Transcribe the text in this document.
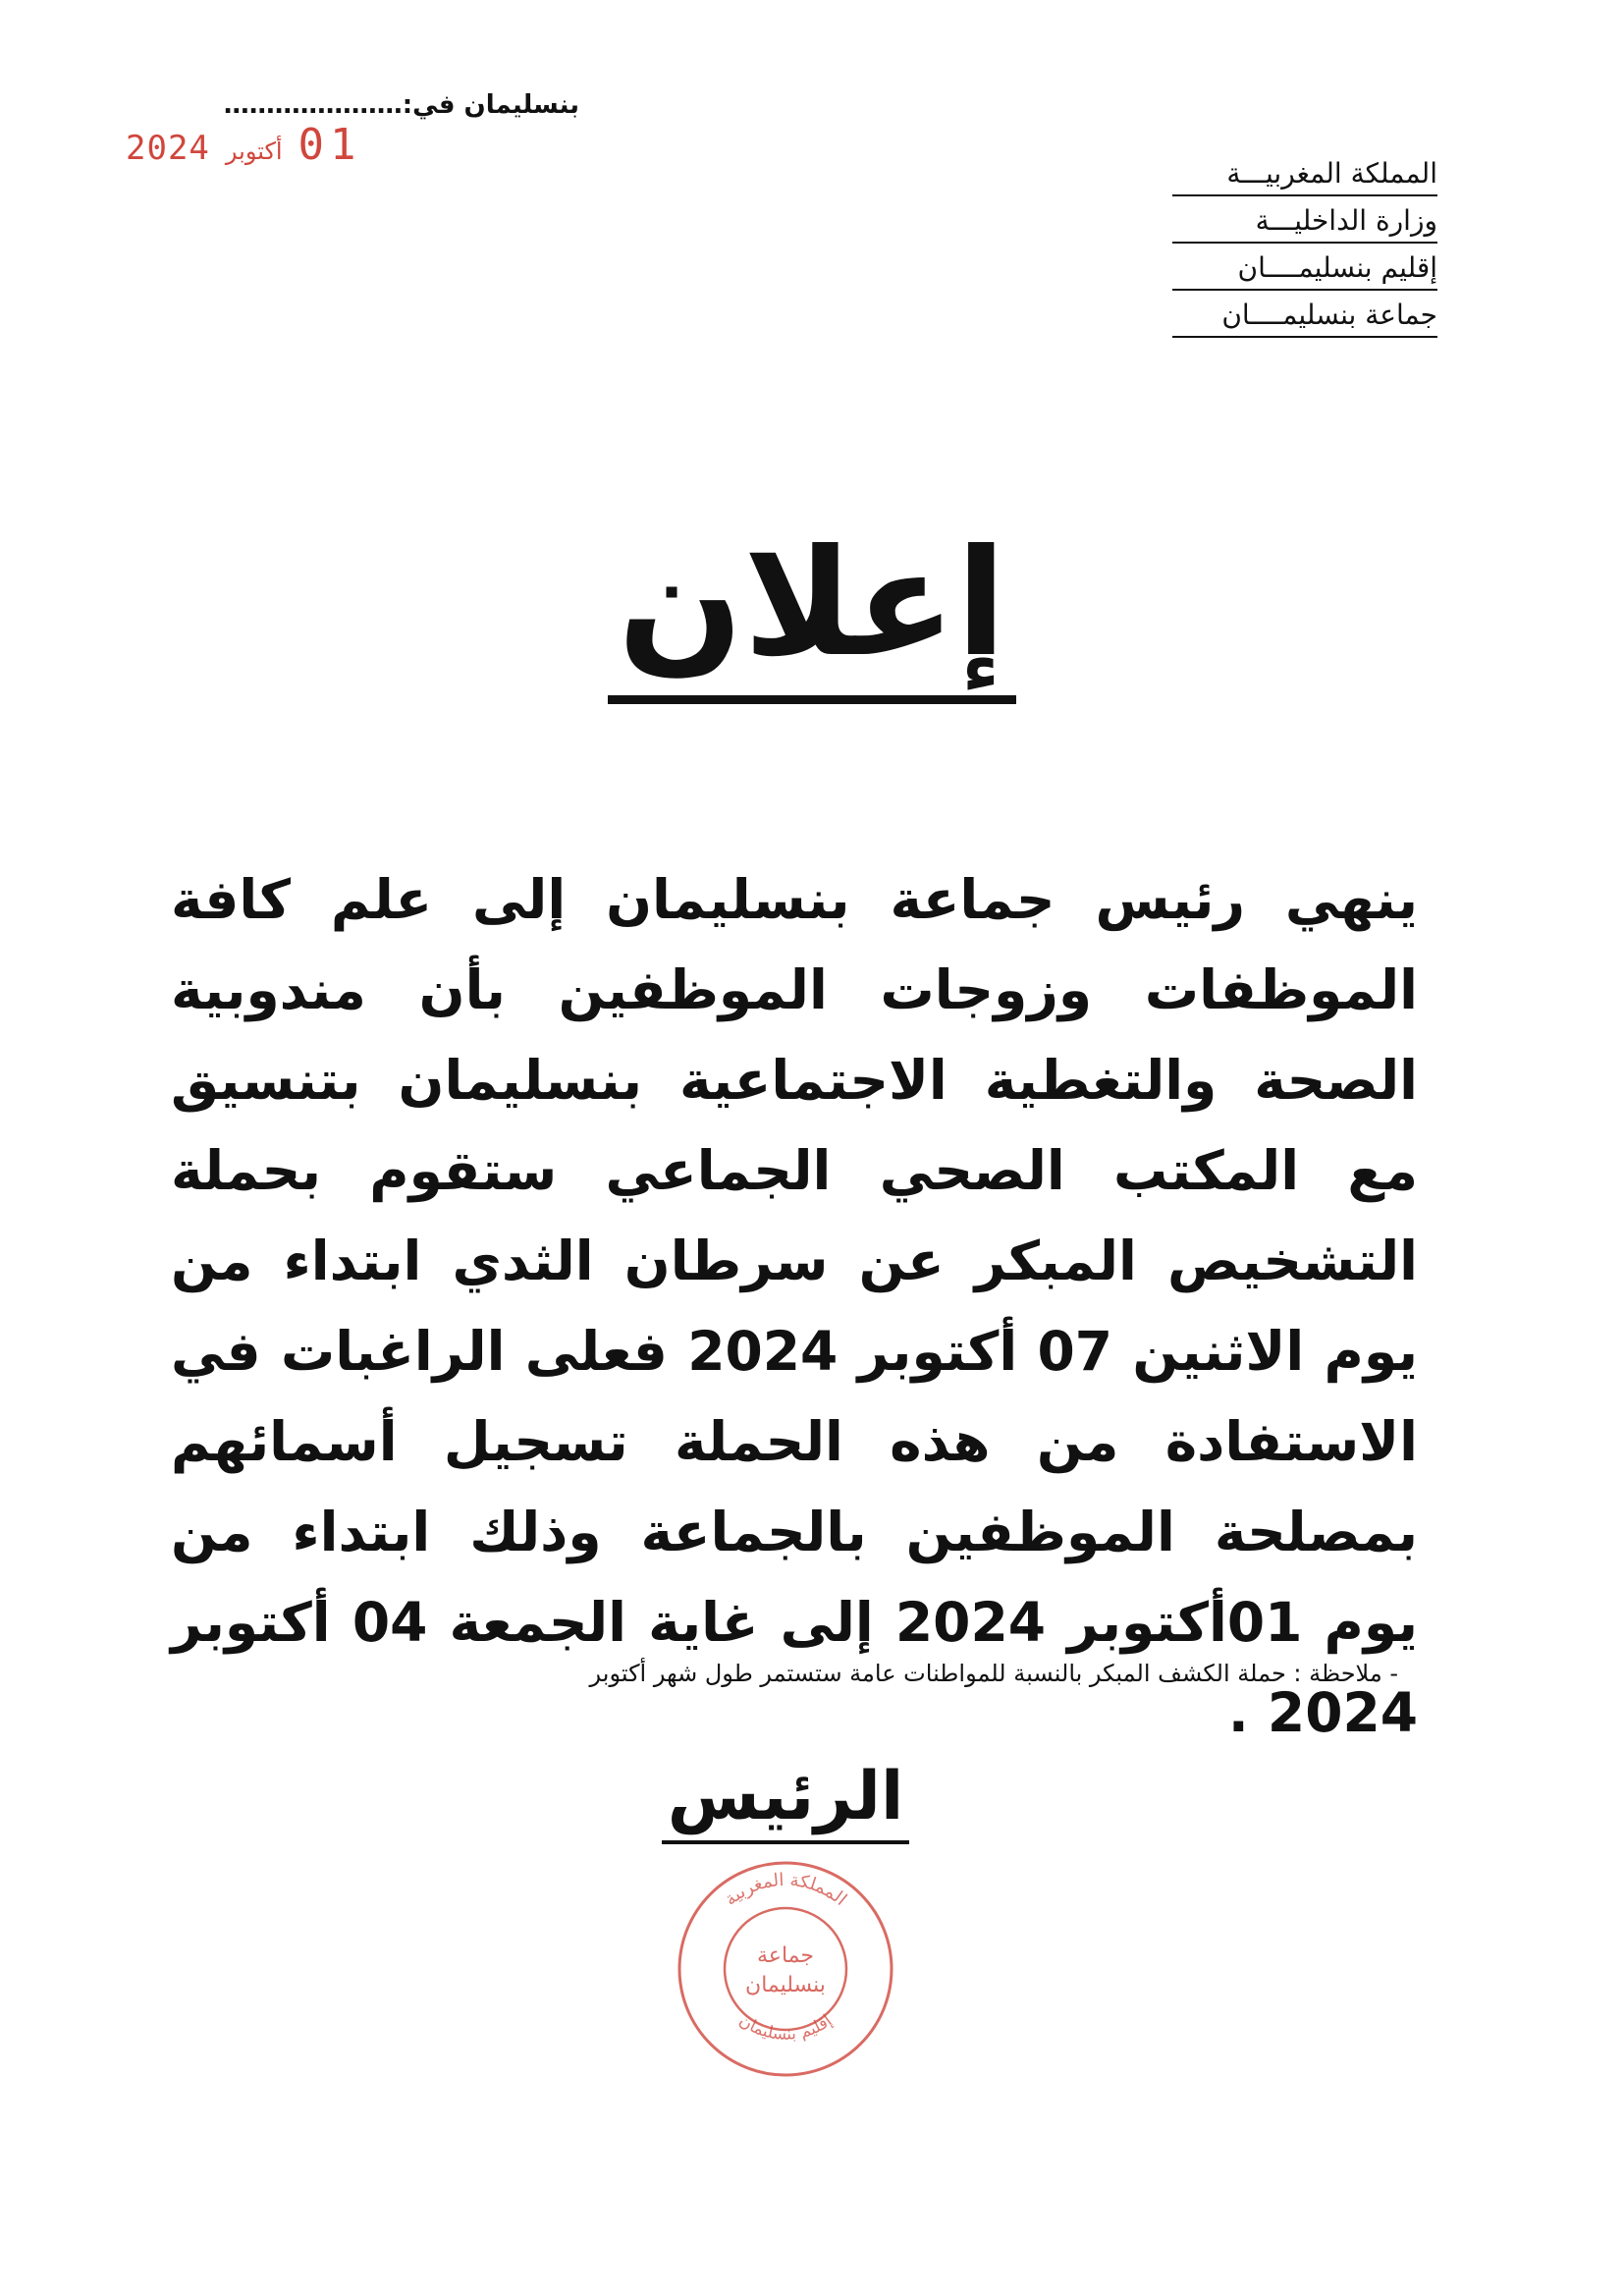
بنسليمان في:…………………
2024 أكتوبر 01
المملكة المغربيـــة
وزارة الداخليـــة
إقليم بنسليمــــان
جماعة بنسليمــــان
إعلان
ينهي رئيس جماعة بنسليمان إلى علم كافة الموظفات وزوجات الموظفين بأن مندوبية الصحة والتغطية الاجتماعية بنسليمان بتنسيق مع المكتب الصحي الجماعي ستقوم بحملة التشخيص المبكر عن سرطان الثدي ابتداء من يوم الاثنين 07 أكتوبر 2024 فعلى الراغبات في الاستفادة من هذه الحملة تسجيل أسمائهم بمصلحة الموظفين بالجماعة وذلك ابتداء من يوم 01أكتوبر 2024 إلى غاية الجمعة 04 أكتوبر 2024 .
- ملاحظة : حملة الكشف المبكر بالنسبة للمواطنات عامة ستستمر طول شهر أكتوبر
الرئيس
المملكة المغربية
إقليم بنسليمان
جماعة
بنسليمان
